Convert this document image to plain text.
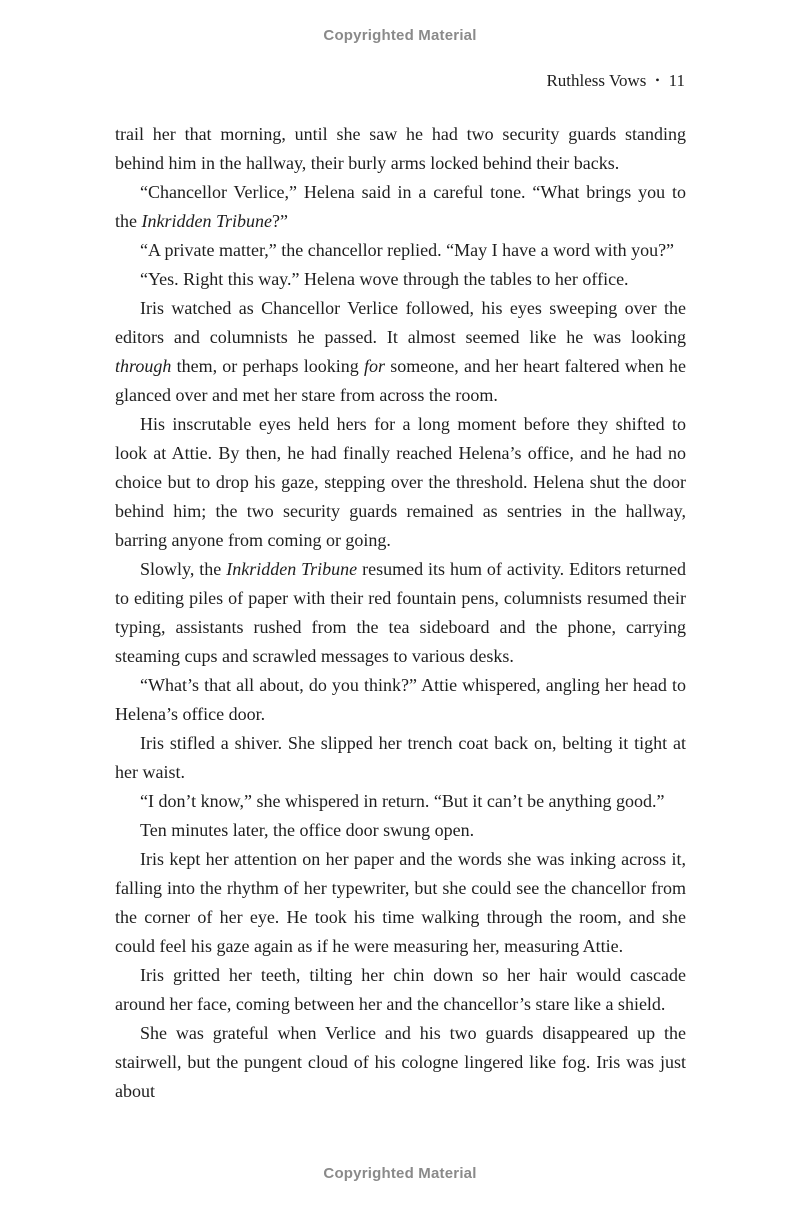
Copyrighted Material
Ruthless Vows • 11

trail her that morning, until she saw he had two security guards standing behind him in the hallway, their burly arms locked behind their backs.

“Chancellor Verlice,” Helena said in a careful tone. “What brings you to the Inkridden Tribune?”

“A private matter,” the chancellor replied. “May I have a word with you?”

“Yes. Right this way.” Helena wove through the tables to her office.

Iris watched as Chancellor Verlice followed, his eyes sweeping over the editors and columnists he passed. It almost seemed like he was looking through them, or perhaps looking for someone, and her heart faltered when he glanced over and met her stare from across the room.

His inscrutable eyes held hers for a long moment before they shifted to look at Attie. By then, he had finally reached Helena’s office, and he had no choice but to drop his gaze, stepping over the threshold. Helena shut the door behind him; the two security guards remained as sentries in the hallway, barring anyone from coming or going.

Slowly, the Inkridden Tribune resumed its hum of activity. Editors returned to editing piles of paper with their red fountain pens, columnists resumed their typing, assistants rushed from the tea sideboard and the phone, carrying steaming cups and scrawled messages to various desks.

“What’s that all about, do you think?” Attie whispered, angling her head to Helena’s office door.

Iris stifled a shiver. She slipped her trench coat back on, belting it tight at her waist.

“I don’t know,” she whispered in return. “But it can’t be anything good.”

Ten minutes later, the office door swung open.

Iris kept her attention on her paper and the words she was inking across it, falling into the rhythm of her typewriter, but she could see the chancellor from the corner of her eye. He took his time walking through the room, and she could feel his gaze again as if he were measuring her, measuring Attie.

Iris gritted her teeth, tilting her chin down so her hair would cascade around her face, coming between her and the chancellor’s stare like a shield.

She was grateful when Verlice and his two guards disappeared up the stairwell, but the pungent cloud of his cologne lingered like fog. Iris was just about

Copyrighted Material
